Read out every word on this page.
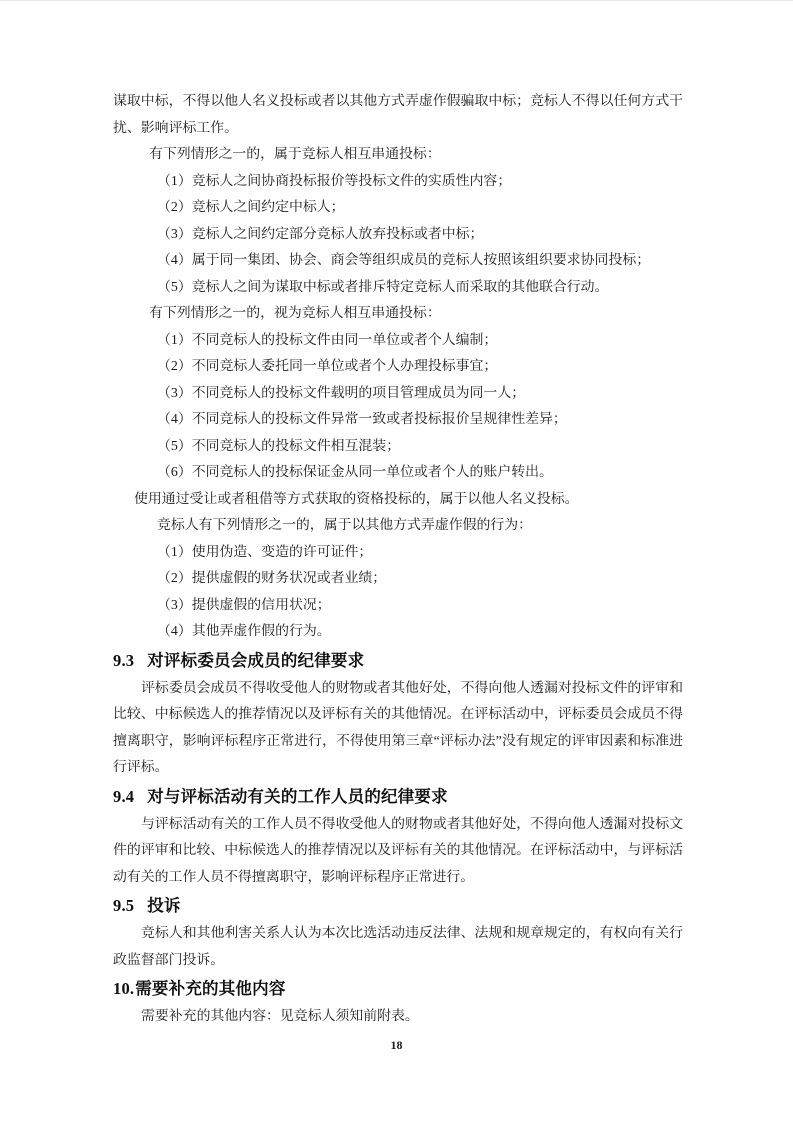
谋取中标，不得以他人名义投标或者以其他方式弄虚作假骗取中标；竞标人不得以任何方式干扰、影响评标工作。

有下列情形之一的，属于竞标人相互串通投标：

（1）竞标人之间协商投标报价等投标文件的实质性内容；

（2）竞标人之间约定中标人；

（3）竞标人之间约定部分竞标人放弃投标或者中标；

（4）属于同一集团、协会、商会等组织成员的竞标人按照该组织要求协同投标；

（5）竞标人之间为谋取中标或者排斥特定竞标人而采取的其他联合行动。

有下列情形之一的，视为竞标人相互串通投标：

（1）不同竞标人的投标文件由同一单位或者个人编制；

（2）不同竞标人委托同一单位或者个人办理投标事宜；

（3）不同竞标人的投标文件载明的项目管理成员为同一人；

（4）不同竞标人的投标文件异常一致或者投标报价呈规律性差异；

（5）不同竞标人的投标文件相互混装；

（6）不同竞标人的投标保证金从同一单位或者个人的账户转出。

使用通过受让或者租借等方式获取的资格投标的，属于以他人名义投标。

竞标人有下列情形之一的，属于以其他方式弄虚作假的行为：

（1）使用伪造、变造的许可证件；

（2）提供虚假的财务状况或者业绩；

（3）提供虚假的信用状况；

（4）其他弄虚作假的行为。

9.3 对评标委员会成员的纪律要求

评标委员会成员不得收受他人的财物或者其他好处，不得向他人透漏对投标文件的评审和比较、中标候选人的推荐情况以及评标有关的其他情况。在评标活动中，评标委员会成员不得擅离职守，影响评标程序正常进行，不得使用第三章“评标办法”没有规定的评审因素和标准进行评标。

9.4 对与评标活动有关的工作人员的纪律要求

与评标活动有关的工作人员不得收受他人的财物或者其他好处，不得向他人透漏对投标文件的评审和比较、中标候选人的推荐情况以及评标有关的其他情况。在评标活动中，与评标活动有关的工作人员不得擅离职守，影响评标程序正常进行。

9.5 投诉

竞标人和其他利害关系人认为本次比选活动违反法律、法规和规章规定的，有权向有关行政监督部门投诉。

10.需要补充的其他内容

需要补充的其他内容：见竞标人须知前附表。

18
